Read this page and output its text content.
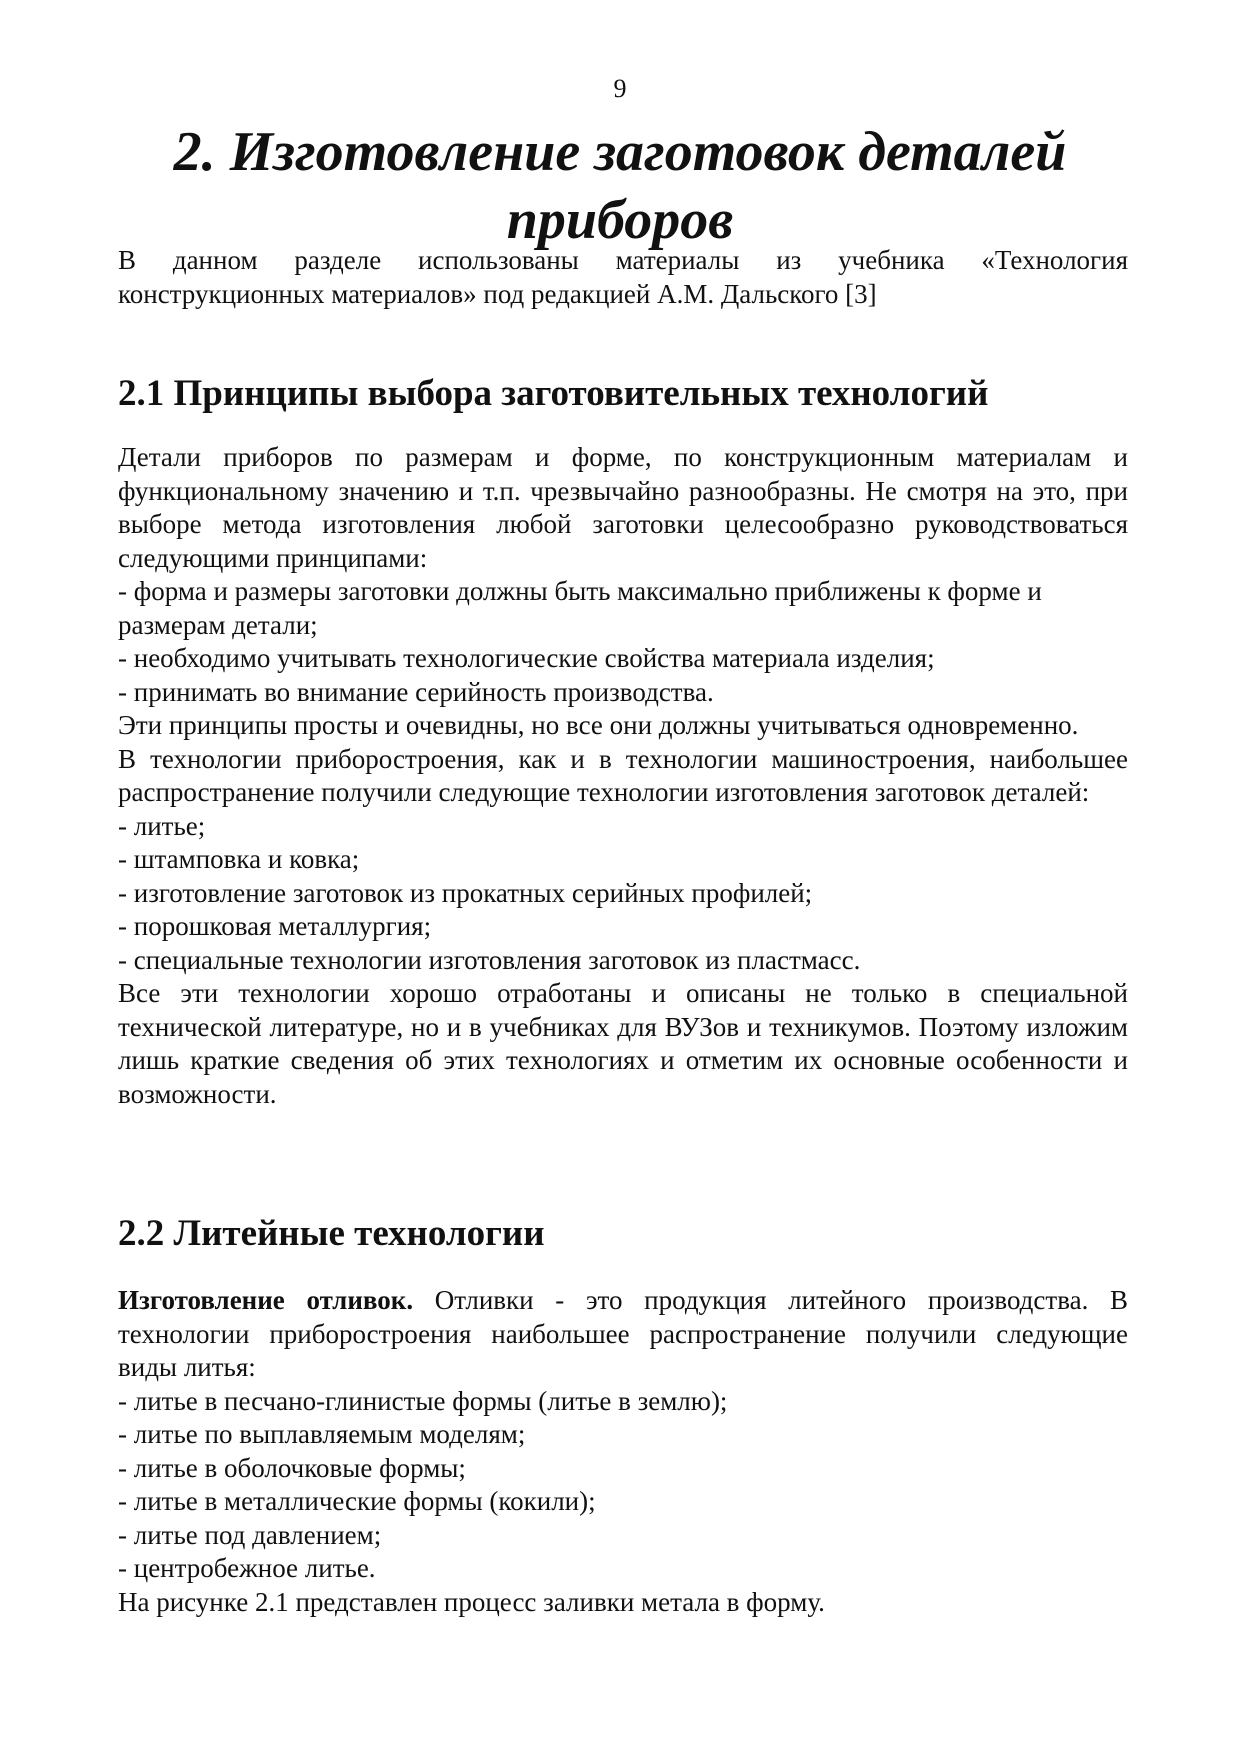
9
2. Изготовление заготовок деталей
приборов

В данном разделе использованы материалы из учебника «Технология конструкционных материалов» под редакцией А.М. Дальского [3]

2.1 Принципы выбора заготовительных технологий

Детали приборов по размерам и форме, по конструкционным материалам и функциональному значению и т.п. чрезвычайно разнообразны. Не смотря на это, при выборе метода изготовления любой заготовки целесообразно руководствоваться следующими принципами:

- форма и размеры заготовки должны быть максимально приближены к форме и размерам детали;
- необходимо учитывать технологические свойства материала изделия;
- принимать во внимание серийность производства.

Эти принципы просты и очевидны, но все они должны учитываться одновременно.

В технологии приборостроения, как и в технологии машиностроения, наибольшее распространение получили следующие технологии изготовления заготовок деталей:

- литье;
- штамповка и ковка;
- изготовление заготовок из прокатных серийных профилей;
- порошковая металлургия;
- специальные технологии изготовления заготовок из пластмасс.

Все эти технологии хорошо отработаны и описаны не только в специальной технической литературе, но и в учебниках для ВУЗов и техникумов. Поэтому изложим лишь краткие сведения об этих технологиях и отметим их основные особенности и возможности.

2.2 Литейные технологии

Изготовление отливок. Отливки - это продукция литейного производства. В технологии приборостроения наибольшее распространение получили следующие виды литья:

- литье в песчано-глинистые формы (литье в землю);
- литье по выплавляемым моделям;
- литье в оболочковые формы;
- литье в металлические формы (кокили);
- литье под давлением;
- центробежное литье.

На рисунке 2.1 представлен процесс заливки метала в форму.
